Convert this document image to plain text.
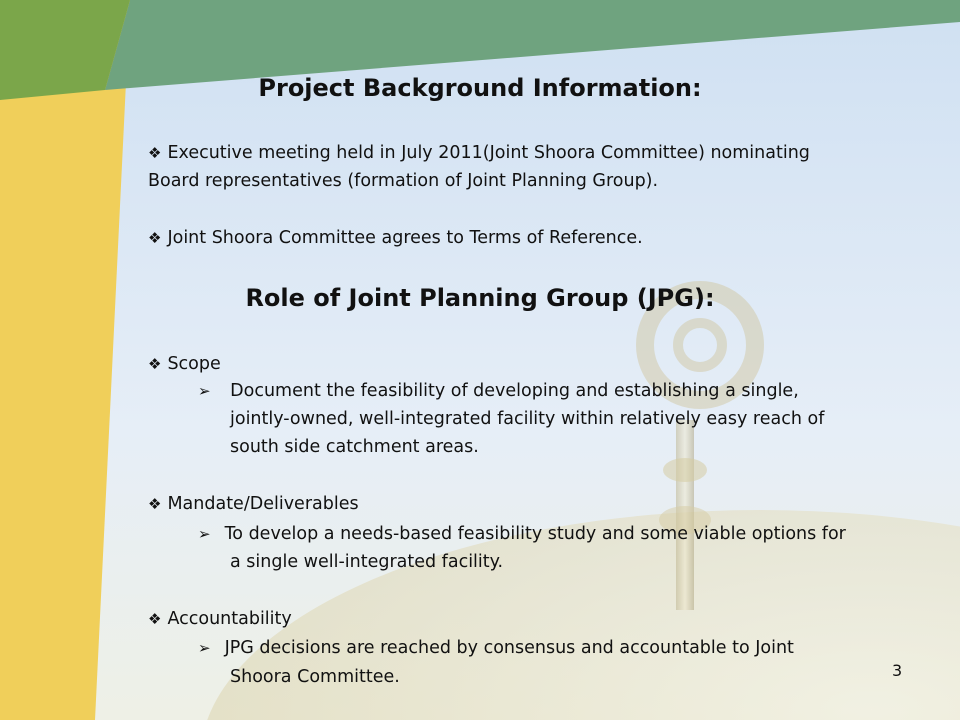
Project Background Information:
❖ Executive meeting held in July 2011(Joint Shoora Committee) nominating
Board representatives (formation of Joint Planning Group).
❖ Joint Shoora Committee agrees to Terms of Reference.
Role of Joint Planning Group (JPG):
❖ Scope
➢ Document the feasibility of developing and establishing a single,
jointly-owned, well-integrated facility within relatively easy reach of
south side catchment areas.
❖ Mandate/Deliverables
➢ To develop a needs-based feasibility study and some viable options for
a single well-integrated facility.
❖ Accountability
➢ JPG decisions are reached by consensus and accountable to Joint
Shoora Committee.	3
